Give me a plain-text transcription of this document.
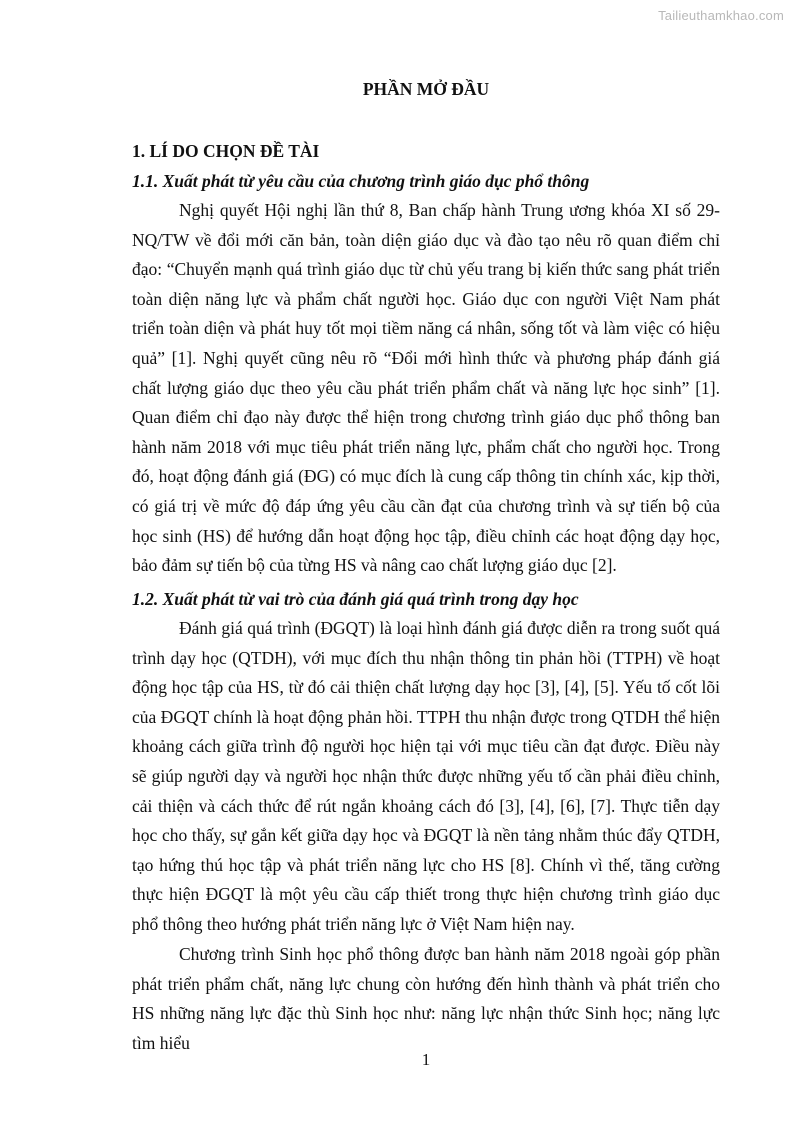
Tailieuthamkhao.com
PHẦN MỞ ĐẦU
1. LÍ DO CHỌN ĐỀ TÀI
1.1. Xuất phát từ yêu cầu của chương trình giáo dục phổ thông

Nghị quyết Hội nghị lần thứ 8, Ban chấp hành Trung ương khóa XI số 29-NQ/TW về đổi mới căn bản, toàn diện giáo dục và đào tạo nêu rõ quan điểm chỉ đạo: “Chuyển mạnh quá trình giáo dục từ chủ yếu trang bị kiến thức sang phát triển toàn diện năng lực và phẩm chất người học. Giáo dục con người Việt Nam phát triển toàn diện và phát huy tốt mọi tiềm năng cá nhân, sống tốt và làm việc có hiệu quả” [1]. Nghị quyết cũng nêu rõ “Đổi mới hình thức và phương pháp đánh giá chất lượng giáo dục theo yêu cầu phát triển phẩm chất và năng lực học sinh” [1]. Quan điểm chỉ đạo này được thể hiện trong chương trình giáo dục phổ thông ban hành năm 2018 với mục tiêu phát triển năng lực, phẩm chất cho người học. Trong đó, hoạt động đánh giá (ĐG) có mục đích là cung cấp thông tin chính xác, kịp thời, có giá trị về mức độ đáp ứng yêu cầu cần đạt của chương trình và sự tiến bộ của học sinh (HS) để hướng dẫn hoạt động học tập, điều chỉnh các hoạt động dạy học, bảo đảm sự tiến bộ của từng HS và nâng cao chất lượng giáo dục [2].

1.2. Xuất phát từ vai trò của đánh giá quá trình trong dạy học

Đánh giá quá trình (ĐGQT) là loại hình đánh giá được diễn ra trong suốt quá trình dạy học (QTDH), với mục đích thu nhận thông tin phản hồi (TTPH) về hoạt động học tập của HS, từ đó cải thiện chất lượng dạy học [3], [4], [5]. Yếu tố cốt lõi của ĐGQT chính là hoạt động phản hồi. TTPH thu nhận được trong QTDH thể hiện khoảng cách giữa trình độ người học hiện tại với mục tiêu cần đạt được. Điều này sẽ giúp người dạy và người học nhận thức được những yếu tố cần phải điều chỉnh, cải thiện và cách thức để rút ngắn khoảng cách đó [3], [4], [6], [7]. Thực tiễn dạy học cho thấy, sự gắn kết giữa dạy học và ĐGQT là nền tảng nhằm thúc đẩy QTDH, tạo hứng thú học tập và phát triển năng lực cho HS [8]. Chính vì thế, tăng cường thực hiện ĐGQT là một yêu cầu cấp thiết trong thực hiện chương trình giáo dục phổ thông theo hướng phát triển năng lực ở Việt Nam hiện nay.

Chương trình Sinh học phổ thông được ban hành năm 2018 ngoài góp phần phát triển phẩm chất, năng lực chung còn hướng đến hình thành và phát triển cho HS những năng lực đặc thù Sinh học như: năng lực nhận thức Sinh học; năng lực tìm hiểu

1
